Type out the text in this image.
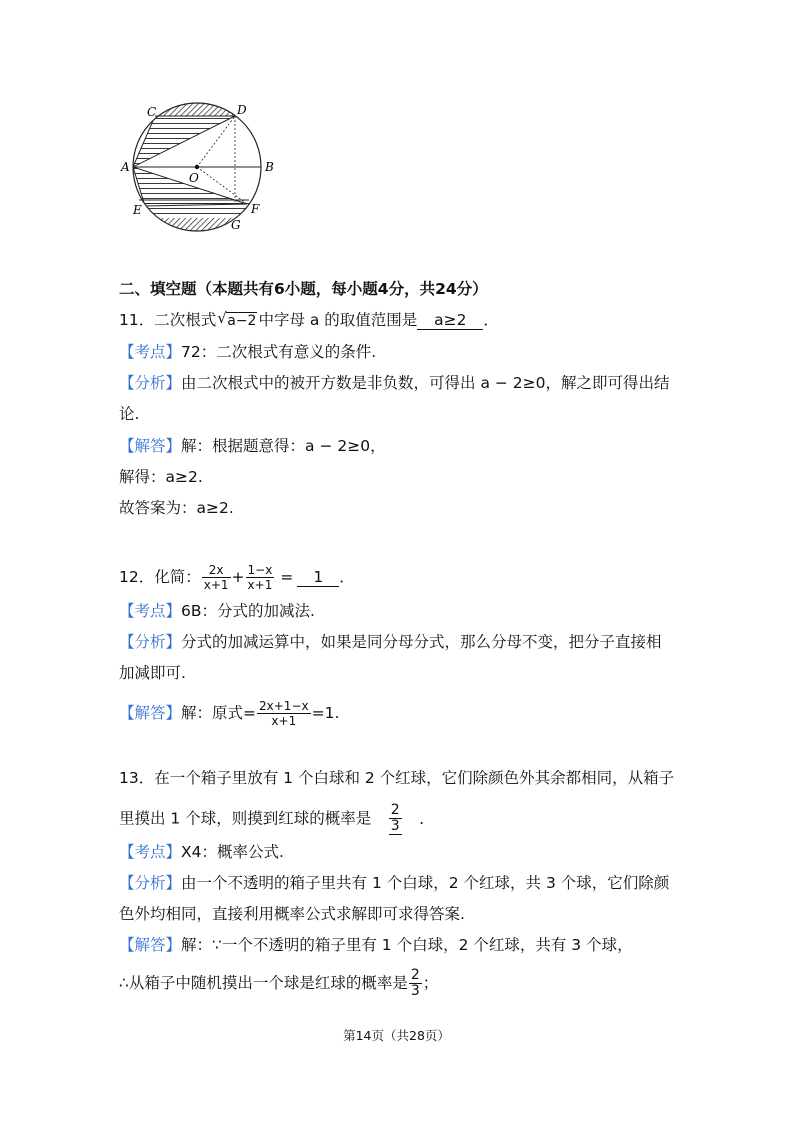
C	D
A	B
O
E	F
G
二、填空题（本题共有6小题，每小题4分，共24分）
11．二次根式 √ a−2 中字母 a 的取值范围是 a≥2 ．
【考点】72：二次根式有意义的条件.
【分析】由二次根式中的被开方数是非负数，可得出 a − 2≥0，解之即可得出结
论.
【解答】解：根据题意得：a − 2≥0，
解得：a≥2.
故答案为：a≥2.
12．化简： $\frac{2x}{x+1} + \frac{1-x}{x+1} = 1$ ．
【考点】6B：分式的加减法.
【分析】分式的加减运算中，如果是同分母分式，那么分母不变，把分子直接相
加减即可.
【解答】解：原式= $\frac{2x+1-x}{x+1} =1$.
13．在一个箱子里放有 1 个白球和 2 个红球，它们除颜色外其余都相同，从箱子
里摸出 1 个球，则摸到红球的概率是 $\frac{2}{3}$ ．
【考点】X4：概率公式.
【分析】由一个不透明的箱子里共有 1 个白球，2 个红球，共 3 个球，它们除颜
色外均相同，直接利用概率公式求解即可求得答案.
【解答】解：∵一个不透明的箱子里有 1 个白球，2 个红球，共有 3 个球，
∴从箱子中随机摸出一个球是红球的概率是 $\frac{2}{3}$ ；
第14页（共28页）
